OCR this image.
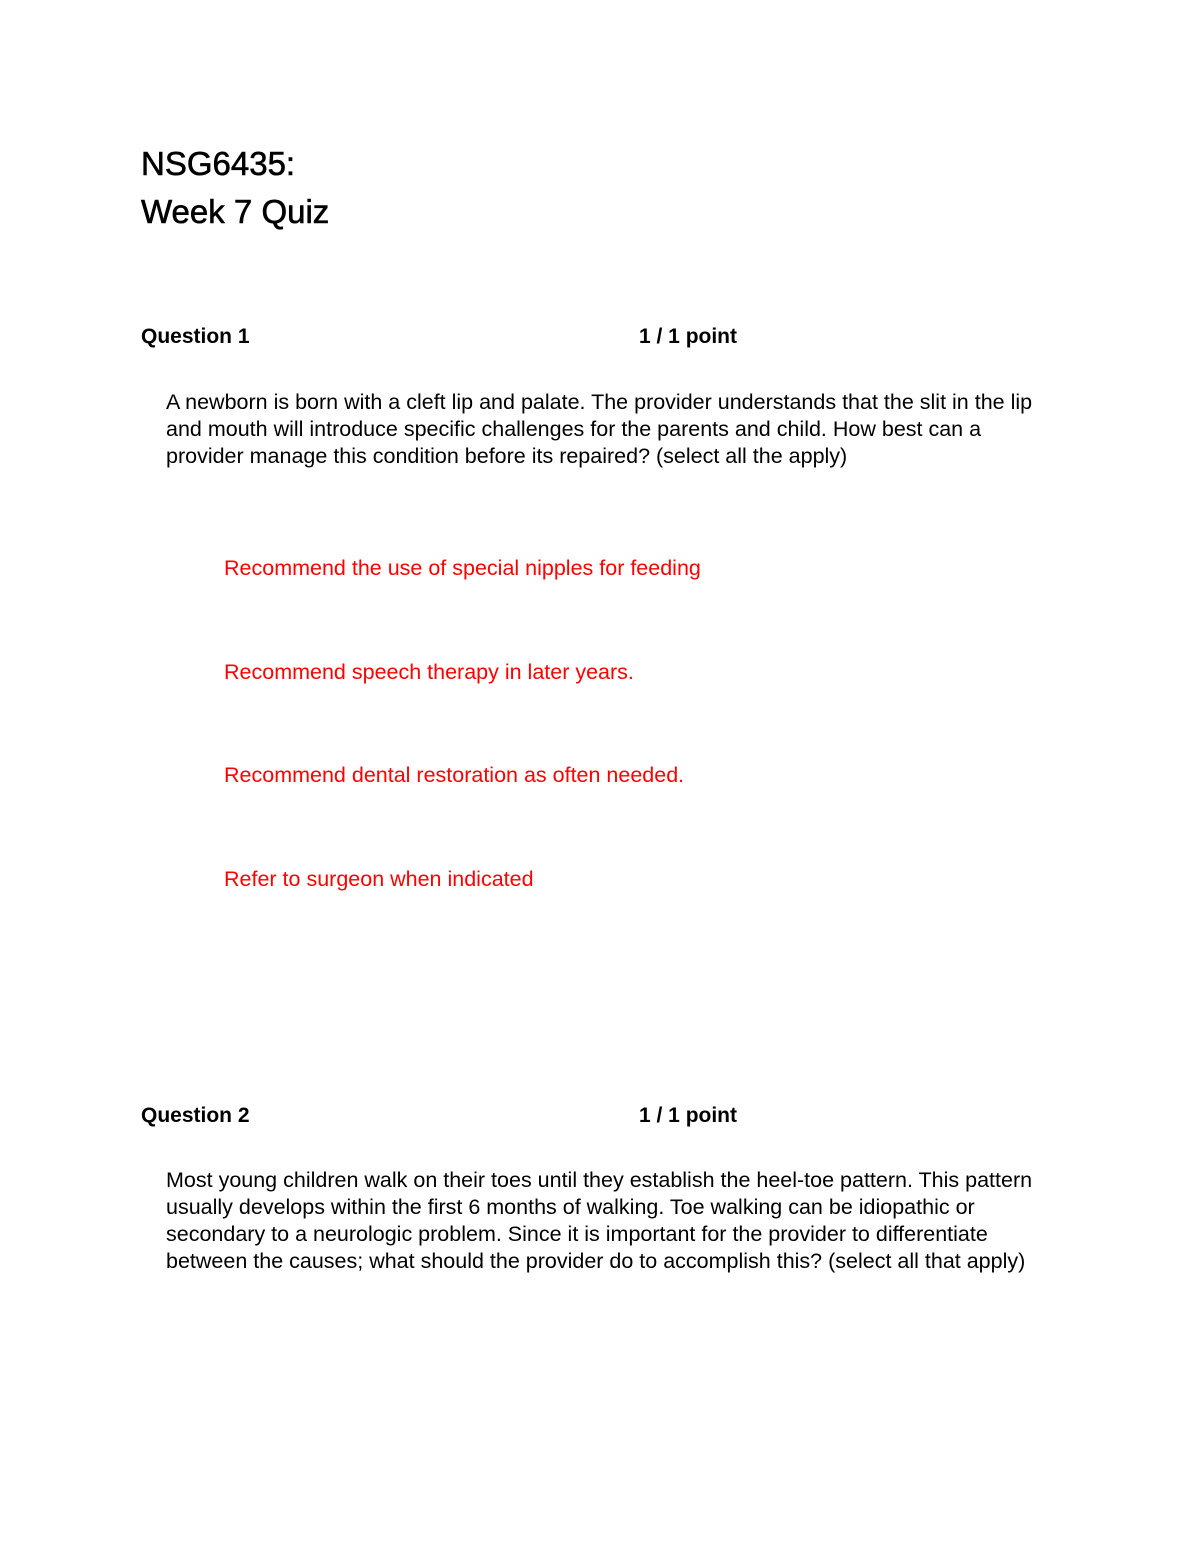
NSG6435:
Week 7 Quiz
Question 1	1 / 1 point
A newborn is born with a cleft lip and palate. The provider understands that the slit in the lip and mouth will introduce specific challenges for the parents and child. How best can a provider manage this condition before its repaired? (select all the apply)
Recommend the use of special nipples for feeding
Recommend speech therapy in later years.
Recommend dental restoration as often needed.
Refer to surgeon when indicated
Question 2	1 / 1 point
Most young children walk on their toes until they establish the heel-toe pattern. This pattern usually develops within the first 6 months of walking. Toe walking can be idiopathic or secondary to a neurologic problem. Since it is important for the provider to differentiate between the causes; what should the provider do to accomplish this? (select all that apply)
